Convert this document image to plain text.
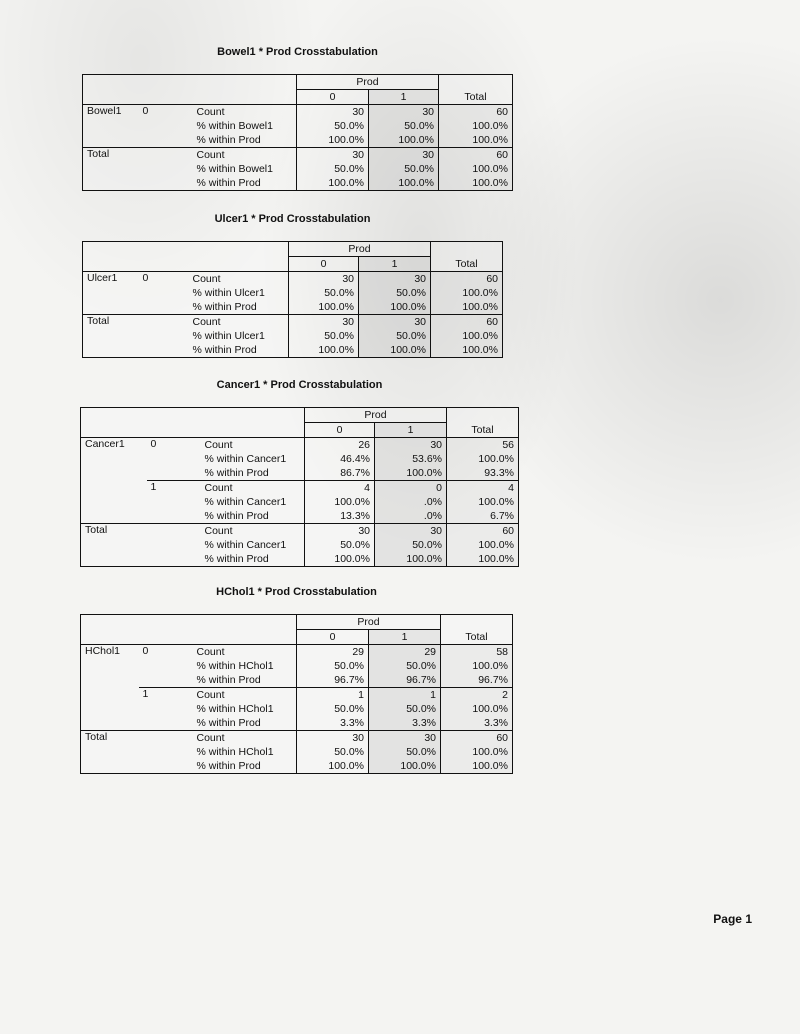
Bowel1 * Prod Crosstabulation
			Prod		Total
			0	1	
Bowel1	0	Count	30	30	60
		% within Bowel1	50.0%	50.0%	100.0%
		% within Prod	100.0%	100.0%	100.0%
Total		Count	30	30	60
		% within Bowel1	50.0%	50.0%	100.0%
		% within Prod	100.0%	100.0%	100.0%
Ulcer1 * Prod Crosstabulation
			Prod		Total
			0	1	
Ulcer1	0	Count	30	30	60
		% within Ulcer1	50.0%	50.0%	100.0%
		% within Prod	100.0%	100.0%	100.0%
Total		Count	30	30	60
		% within Ulcer1	50.0%	50.0%	100.0%
		% within Prod	100.0%	100.0%	100.0%
Cancer1 * Prod Crosstabulation
			Prod		Total
			0	1	
Cancer1	0	Count	26	30	56
		% within Cancer1	46.4%	53.6%	100.0%
		% within Prod	86.7%	100.0%	93.3%
	1	Count	4	0	4
		% within Cancer1	100.0%	.0%	100.0%
		% within Prod	13.3%	.0%	6.7%
Total		Count	30	30	60
		% within Cancer1	50.0%	50.0%	100.0%
		% within Prod	100.0%	100.0%	100.0%
HChol1 * Prod Crosstabulation
			Prod		Total
			0	1	
HChol1	0	Count	29	29	58
		% within HChol1	50.0%	50.0%	100.0%
		% within Prod	96.7%	96.7%	96.7%
	1	Count	1	1	2
		% within HChol1	50.0%	50.0%	100.0%
		% within Prod	3.3%	3.3%	3.3%
Total		Count	30	30	60
		% within HChol1	50.0%	50.0%	100.0%
		% within Prod	100.0%	100.0%	100.0%
Page 1
